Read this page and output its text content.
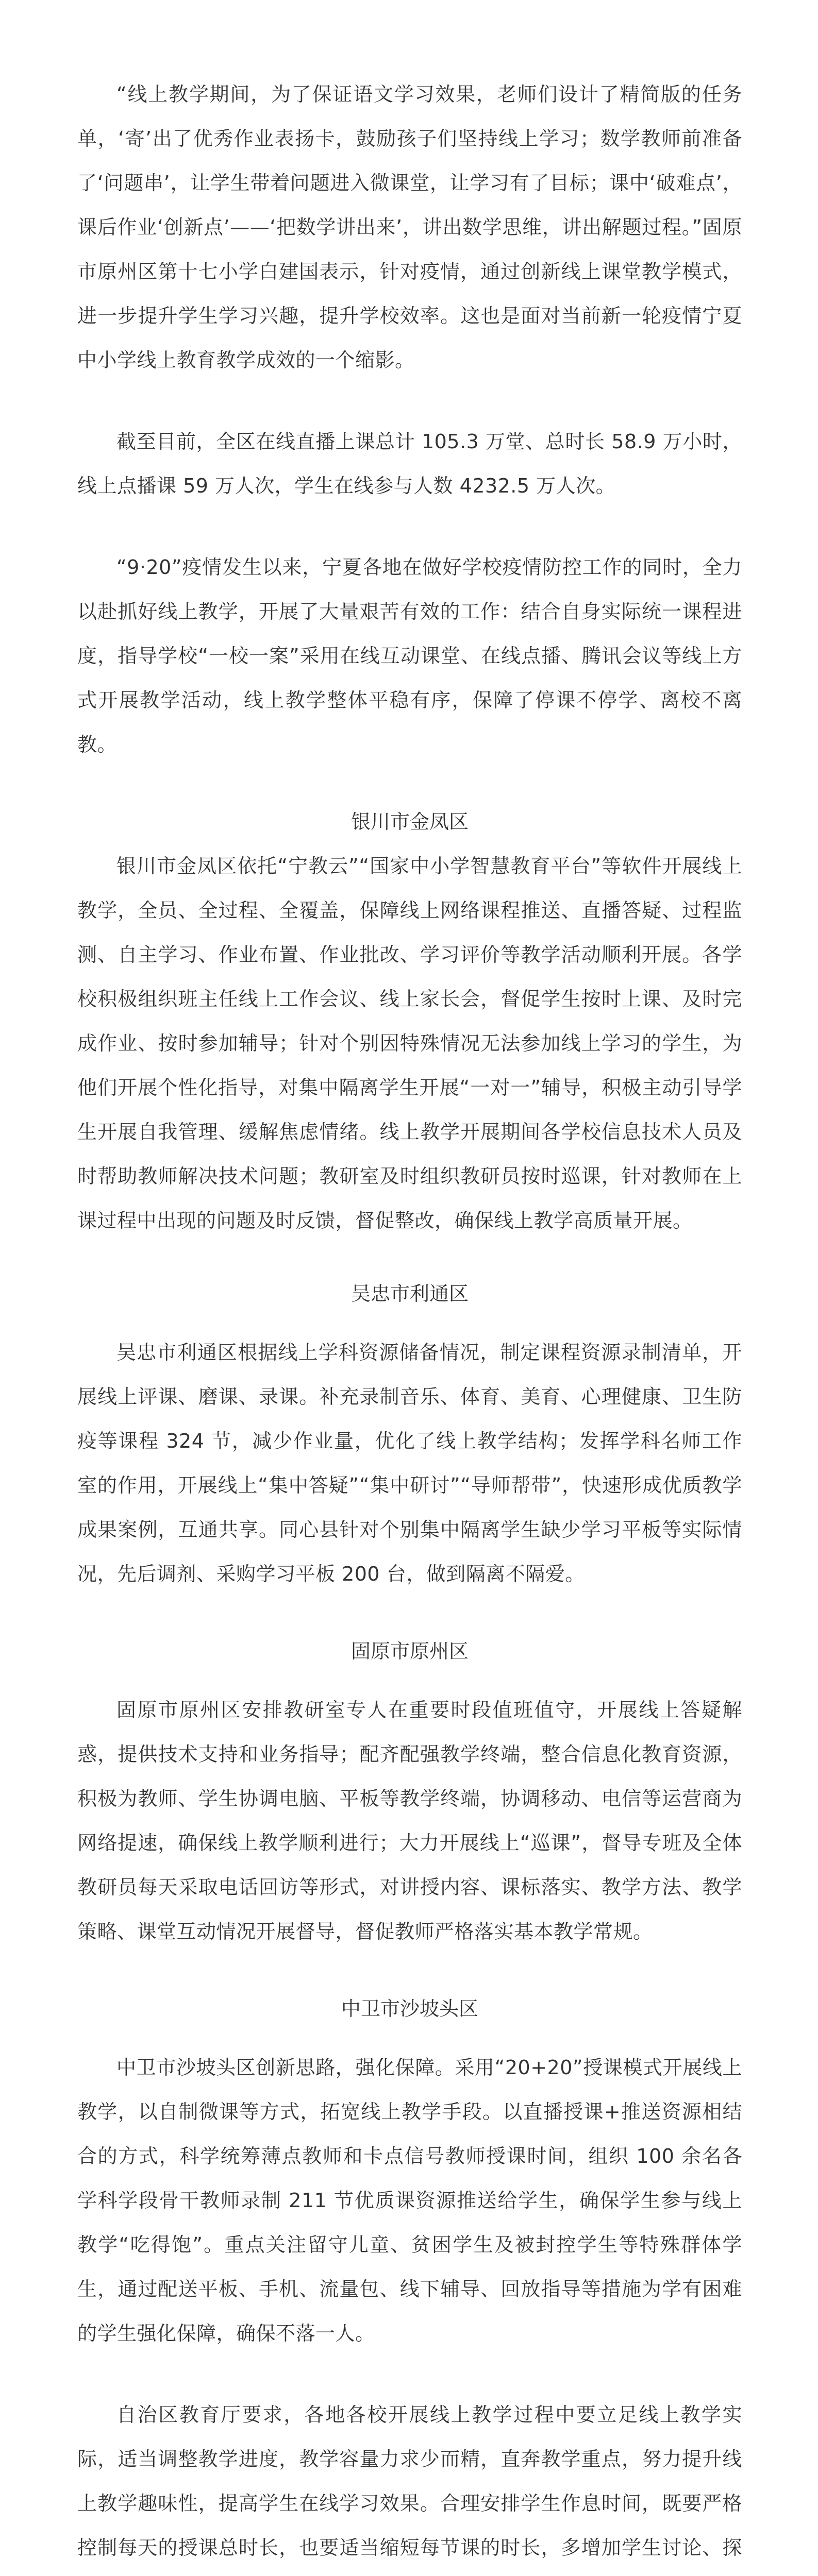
“线上教学期间，为了保证语文学习效果，老师们设计了精简版的任务单，‘寄’出了优秀作业表扬卡，鼓励孩子们坚持线上学习；数学教师前准备了‘问题串’，让学生带着问题进入微课堂，让学习有了目标；课中‘破难点’，课后作业‘创新点’——‘把数学讲出来’，讲出数学思维，讲出解题过程。”固原市原州区第十七小学白建国表示，针对疫情，通过创新线上课堂教学模式，进一步提升学生学习兴趣，提升学校效率。这也是面对当前新一轮疫情宁夏中小学线上教育教学成效的一个缩影。

截至目前，全区在线直播上课总计 105.3 万堂、总时长 58.9 万小时，线上点播课 59 万人次，学生在线参与人数 4232.5 万人次。

“9·20”疫情发生以来，宁夏各地在做好学校疫情防控工作的同时，全力以赴抓好线上教学，开展了大量艰苦有效的工作：结合自身实际统一课程进度，指导学校“一校一案”采用在线互动课堂、在线点播、腾讯会议等线上方式开展教学活动，线上教学整体平稳有序，保障了停课不停学、离校不离教。

银川市金凤区

银川市金凤区依托“宁教云”“国家中小学智慧教育平台”等软件开展线上教学，全员、全过程、全覆盖，保障线上网络课程推送、直播答疑、过程监测、自主学习、作业布置、作业批改、学习评价等教学活动顺利开展。各学校积极组织班主任线上工作会议、线上家长会，督促学生按时上课、及时完成作业、按时参加辅导；针对个别因特殊情况无法参加线上学习的学生，为他们开展个性化指导，对集中隔离学生开展“一对一”辅导，积极主动引导学生开展自我管理、缓解焦虑情绪。线上教学开展期间各学校信息技术人员及时帮助教师解决技术问题；教研室及时组织教研员按时巡课，针对教师在上课过程中出现的问题及时反馈，督促整改，确保线上教学高质量开展。

吴忠市利通区

吴忠市利通区根据线上学科资源储备情况，制定课程资源录制清单，开展线上评课、磨课、录课。补充录制音乐、体育、美育、心理健康、卫生防疫等课程 324 节，减少作业量，优化了线上教学结构；发挥学科名师工作室的作用，开展线上“集中答疑”“集中研讨”“导师帮带”，快速形成优质教学成果案例，互通共享。同心县针对个别集中隔离学生缺少学习平板等实际情况，先后调剂、采购学习平板 200 台，做到隔离不隔爱。

固原市原州区

固原市原州区安排教研室专人在重要时段值班值守，开展线上答疑解惑，提供技术支持和业务指导；配齐配强教学终端，整合信息化教育资源，积极为教师、学生协调电脑、平板等教学终端，协调移动、电信等运营商为网络提速，确保线上教学顺利进行；大力开展线上“巡课”，督导专班及全体教研员每天采取电话回访等形式，对讲授内容、课标落实、教学方法、教学策略、课堂互动情况开展督导，督促教师严格落实基本教学常规。

中卫市沙坡头区

中卫市沙坡头区创新思路，强化保障。采用“20+20”授课模式开展线上教学，以自制微课等方式，拓宽线上教学手段。以直播授课+推送资源相结合的方式，科学统筹薄点教师和卡点信号教师授课时间，组织 100 余名各学科学段骨干教师录制 211 节优质课资源推送给学生，确保学生参与线上教学“吃得饱”。重点关注留守儿童、贫困学生及被封控学生等特殊群体学生，通过配送平板、手机、流量包、线下辅导、回放指导等措施为学有困难的学生强化保障，确保不落一人。

自治区教育厅要求，各地各校开展线上教学过程中要立足线上教学实际，适当调整教学进度，教学容量力求少而精，直奔教学重点，努力提升线上教学趣味性，提高学生在线学习效果。合理安排学生作息时间，既要严格控制每天的授课总时长，也要适当缩短每节课的时长，多增加学生讨论、探
